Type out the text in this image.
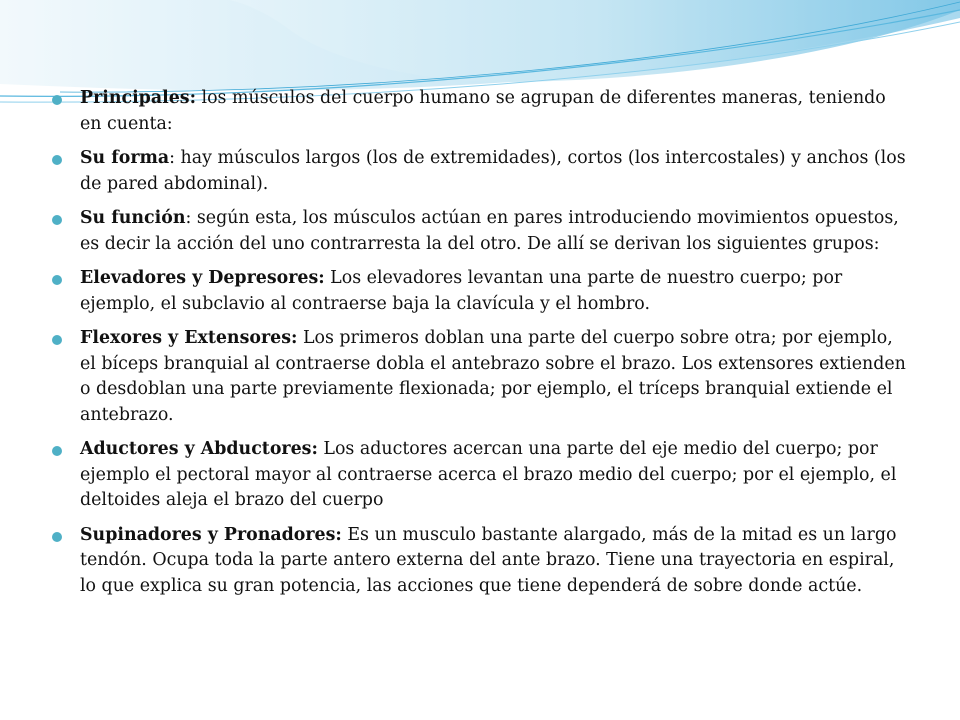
Principales: los músculos del cuerpo humano se agrupan de diferentes maneras, teniendo en cuenta:
Su forma: hay músculos largos (los de extremidades), cortos (los intercostales) y anchos (los de pared abdominal).
Su función: según esta, los músculos actúan en pares introduciendo movimientos opuestos, es decir la acción del uno contrarresta la del otro. De allí se derivan los siguientes grupos:
Elevadores y Depresores: Los elevadores levantan una parte de nuestro cuerpo; por ejemplo, el subclavio al contraerse baja la clavícula y el hombro.
Flexores y Extensores: Los primeros doblan una parte del cuerpo sobre otra; por ejemplo, el bíceps branquial al contraerse dobla el antebrazo sobre el brazo. Los extensores extienden o desdoblan una parte previamente flexionada; por ejemplo, el tríceps branquial extiende el antebrazo.
Aductores y Abductores: Los aductores acercan una parte del eje medio del cuerpo; por ejemplo el pectoral mayor al contraerse acerca el brazo medio del cuerpo; por el ejemplo, el deltoides aleja el brazo del cuerpo
Supinadores y Pronadores: Es un musculo bastante alargado, más de la mitad es un largo tendón. Ocupa toda la parte antero externa del ante brazo. Tiene una trayectoria en espiral, lo que explica su gran potencia, las acciones que tiene dependerá de sobre donde actúe.
